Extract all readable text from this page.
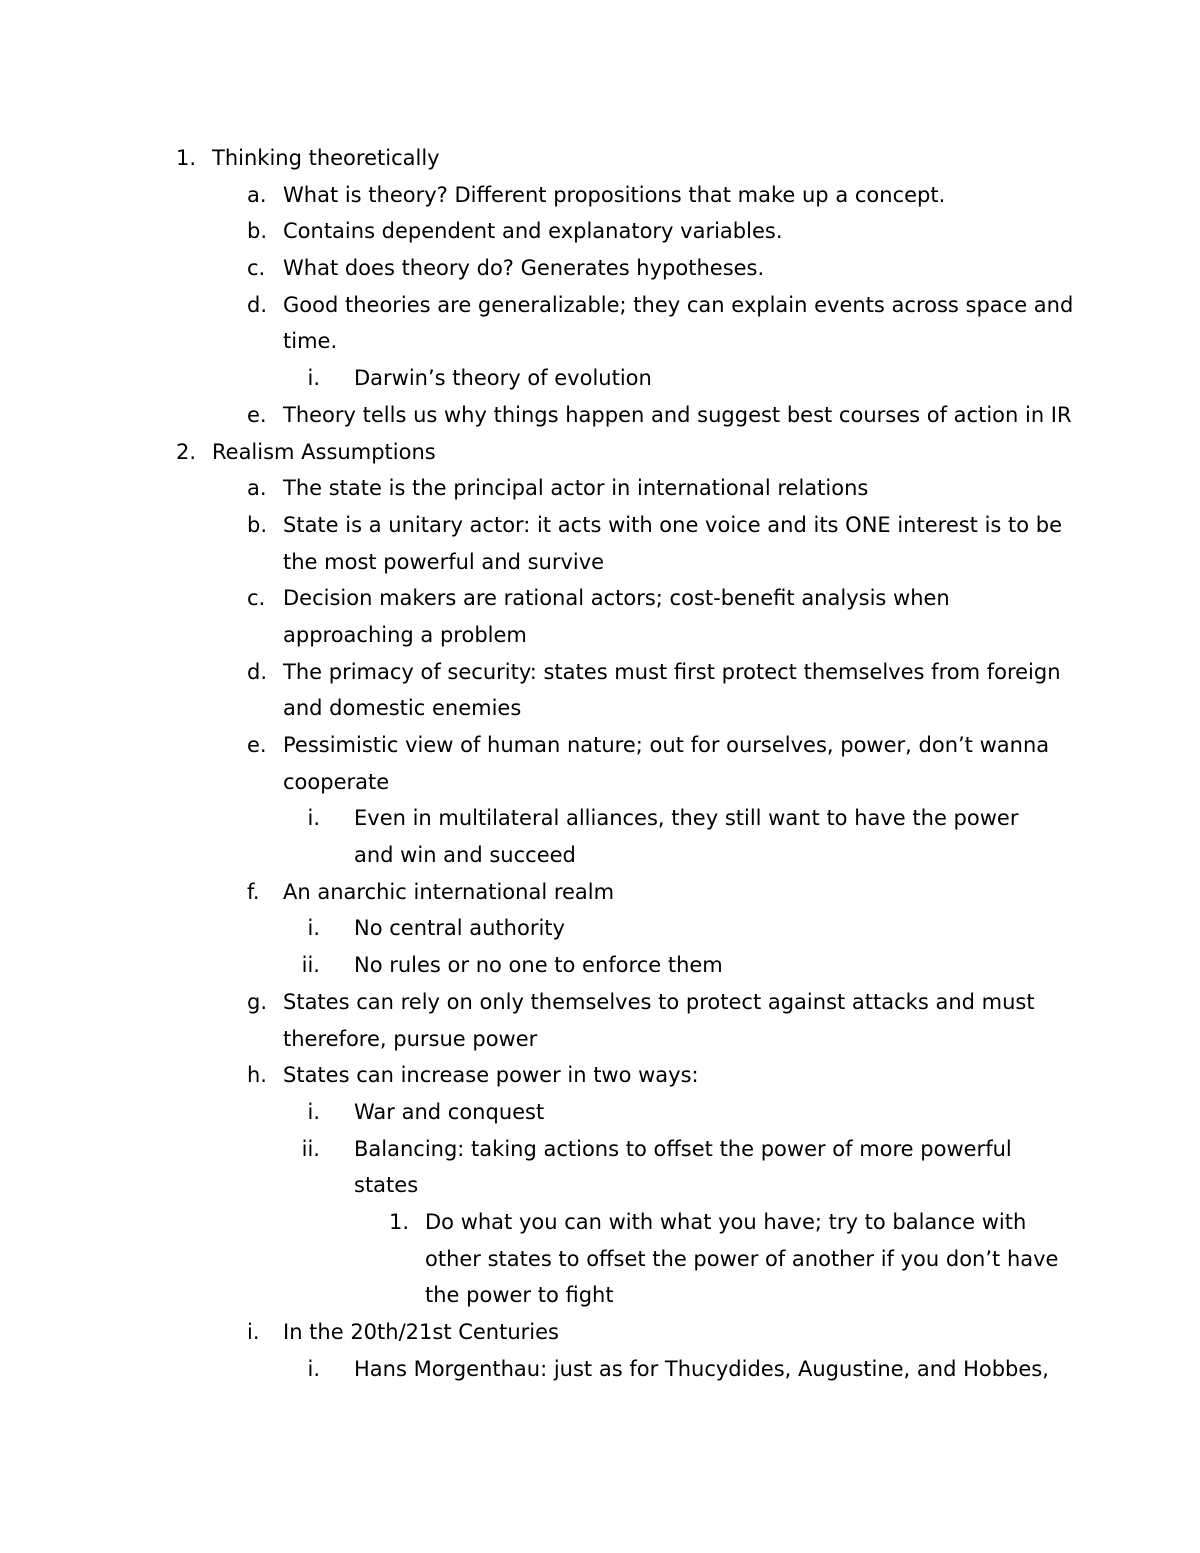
1. Thinking theoretically
a. What is theory? Different propositions that make up a concept.
b. Contains dependent and explanatory variables.
c. What does theory do? Generates hypotheses.
d. Good theories are generalizable; they can explain events across space and
time.
i. Darwin’s theory of evolution
e. Theory tells us why things happen and suggest best courses of action in IR
2. Realism Assumptions
a. The state is the principal actor in international relations
b. State is a unitary actor: it acts with one voice and its ONE interest is to be
the most powerful and survive
c. Decision makers are rational actors; cost-benefit analysis when
approaching a problem
d. The primacy of security: states must first protect themselves from foreign
and domestic enemies
e. Pessimistic view of human nature; out for ourselves, power, don’t wanna
cooperate
i. Even in multilateral alliances, they still want to have the power
and win and succeed
f. An anarchic international realm
i. No central authority
ii. No rules or no one to enforce them
g. States can rely on only themselves to protect against attacks and must
therefore, pursue power
h. States can increase power in two ways:
i. War and conquest
ii. Balancing: taking actions to offset the power of more powerful
states
1. Do what you can with what you have; try to balance with
other states to offset the power of another if you don’t have
the power to fight
i. In the 20th/21st Centuries
i. Hans Morgenthau: just as for Thucydides, Augustine, and Hobbes,
